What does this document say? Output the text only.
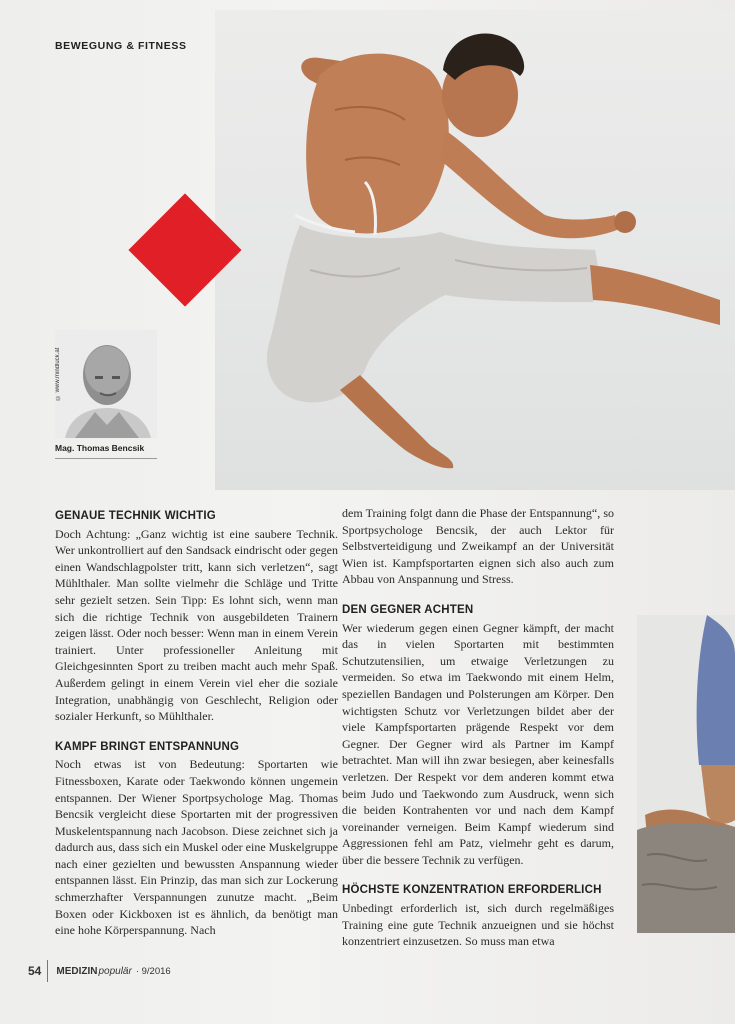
BEWEGUNG & FITNESS
© www.mindluck.at
Mag. Thomas Bencsik
GENAUE TECHNIK WICHTIG

Doch Achtung: „Ganz wichtig ist eine saubere Technik. Wer unkontrolliert auf den Sandsack eindrischt oder gegen einen Wandschlagpolster tritt, kann sich verletzen“, sagt Mühlthaler. Man sollte vielmehr die Schläge und Tritte sehr gezielt setzen. Sein Tipp: Es lohnt sich, wenn man sich die richtige Technik von ausgebildeten Trainern zeigen lässt. Oder noch besser: Wenn man in einem Verein trainiert. Unter professioneller Anleitung mit Gleichgesinnten Sport zu treiben macht auch mehr Spaß. Außerdem gelingt in einem Verein viel eher die soziale Integration, unabhängig von Geschlecht, Religion oder sozialer Herkunft, so Mühlthaler.

KAMPF BRINGT ENTSPANNUNG

Noch etwas ist von Bedeutung: Sportarten wie Fitnessboxen, Karate oder Taekwondo können ungemein entspannen. Der Wiener Sportpsychologe Mag. Thomas Bencsik vergleicht diese Sportarten mit der progressiven Muskelentspannung nach Jacobson. Diese zeichnet sich ja dadurch aus, dass sich ein Muskel oder eine Muskelgruppe nach einer gezielten und bewussten Anspannung wieder entspannen lässt. Ein Prinzip, das man sich zur Lockerung schmerzhafter Verspannungen zunutze macht. „Beim Boxen oder Kickboxen ist es ähnlich, da benötigt man eine hohe Körperspannung. Nach

dem Training folgt dann die Phase der Entspannung“, so Sportpsychologe Bencsik, der auch Lektor für Selbstverteidigung und Zweikampf an der Universität Wien ist. Kampfsportarten eignen sich also auch zum Abbau von Anspannung und Stress.

DEN GEGNER ACHTEN

Wer wiederum gegen einen Gegner kämpft, der macht das in vielen Sportarten mit bestimmten Schutzutensilien, um etwaige Verletzungen zu vermeiden. So etwa im Taekwondo mit einem Helm, speziellen Bandagen und Polsterungen am Körper. Den wichtigsten Schutz vor Verletzungen bildet aber der viele Kampfsportarten prägende Respekt vor dem Gegner. Der Gegner wird als Partner im Kampf betrachtet. Man will ihn zwar besiegen, aber keinesfalls verletzen. Der Respekt vor dem anderen kommt etwa beim Judo und Taekwondo zum Ausdruck, wenn sich die beiden Kontrahenten vor und nach dem Kampf voreinander verneigen. Beim Kampf wiederum sind Aggressionen fehl am Patz, vielmehr geht es darum, über die bessere Technik zu verfügen.

HÖCHSTE KONZENTRATION ERFORDERLICH

Unbedingt erforderlich ist, sich durch regelmäßiges Training eine gute Technik anzueignen und sie höchst konzentriert einzusetzen. So muss man etwa

54 MEDIZIN populär · 9/2016
